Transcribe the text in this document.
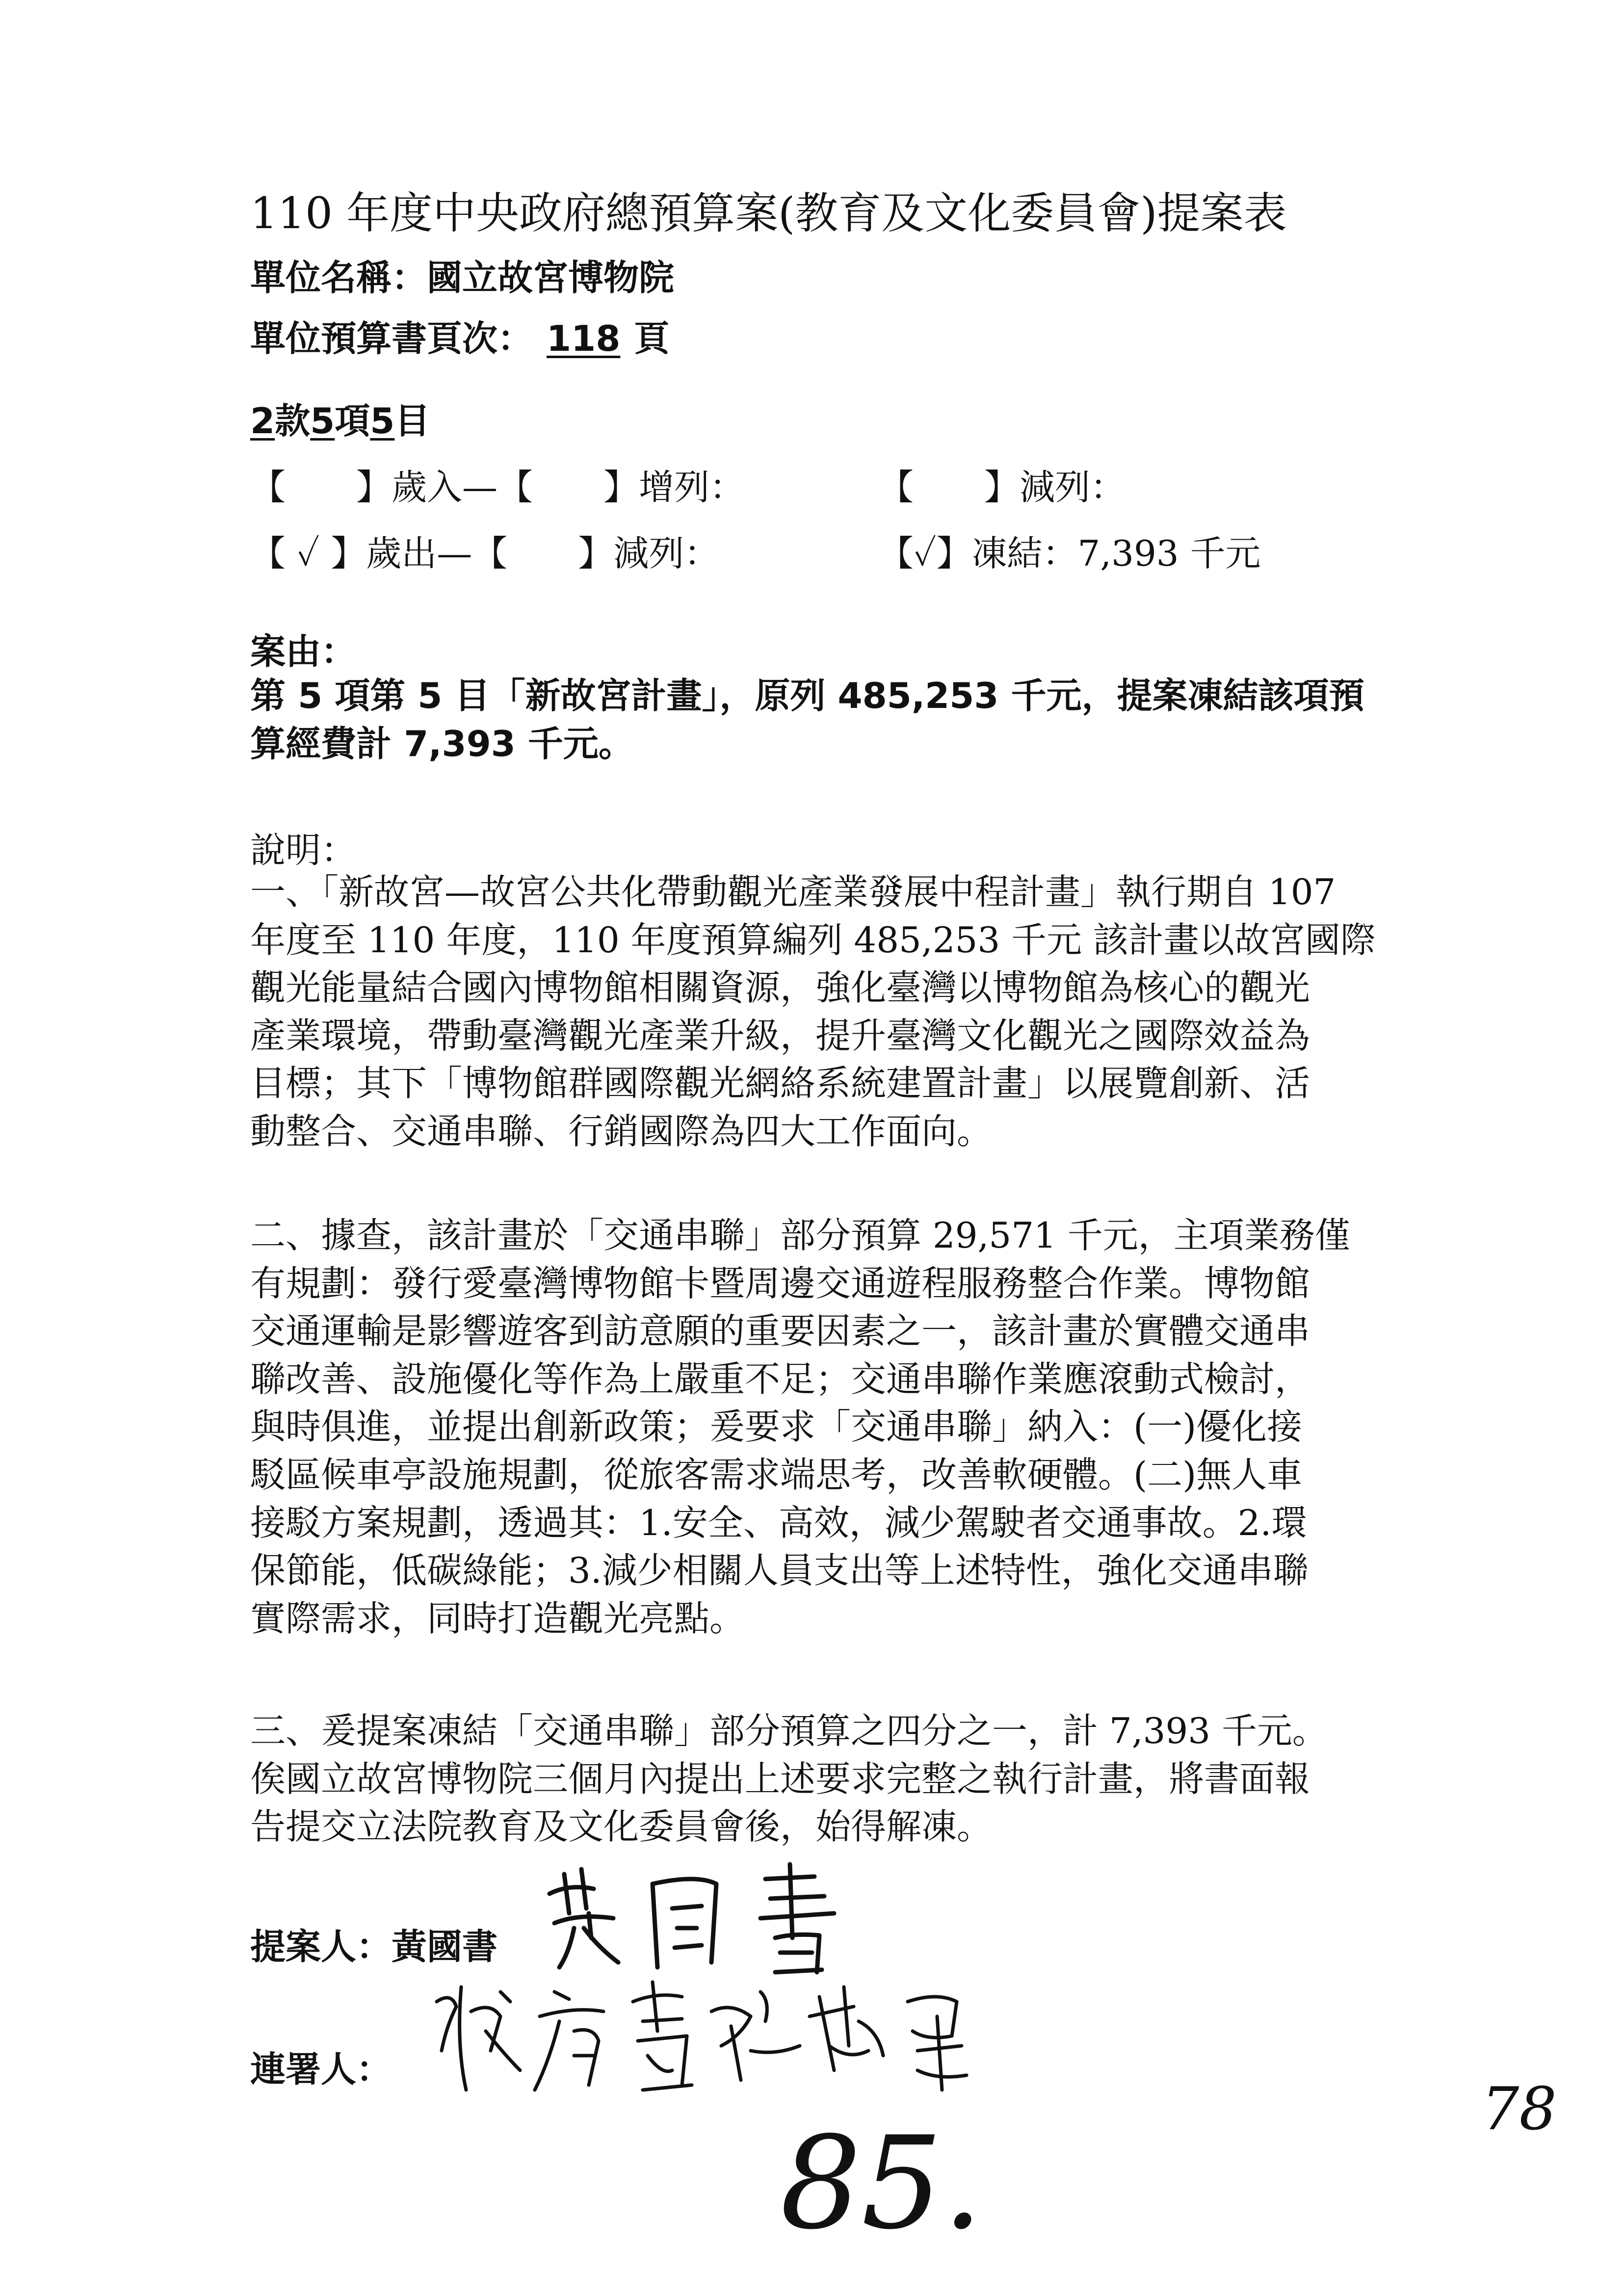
110 年度中央政府總預算案(教育及文化委員會)提案表
單位名稱：國立故宮博物院
單位預算書頁次： 118 頁
2款5項5目
【　　】歲入—【　　】增列：	【　　】減列：
【 ✓ 】歲出—【　　】減列：	【✓】凍結：7,393 千元
案由：
第 5 項第 5 目「新故宮計畫」，原列 485,253 千元，提案凍結該項預
算經費計 7,393 千元。
說明：
一、「新故宮—故宮公共化帶動觀光產業發展中程計畫」執行期自 107
年度至 110 年度，110 年度預算編列 485,253 千元 該計畫以故宮國際
觀光能量結合國內博物館相關資源，強化臺灣以博物館為核心的觀光
產業環境，帶動臺灣觀光產業升級，提升臺灣文化觀光之國際效益為
目標；其下「博物館群國際觀光網絡系統建置計畫」以展覽創新、活
動整合、交通串聯、行銷國際為四大工作面向。
二、據查，該計畫於「交通串聯」部分預算 29,571 千元，主項業務僅
有規劃：發行愛臺灣博物館卡暨周邊交通遊程服務整合作業。博物館
交通運輸是影響遊客到訪意願的重要因素之一，該計畫於實體交通串
聯改善、設施優化等作為上嚴重不足；交通串聯作業應滾動式檢討，
與時俱進，並提出創新政策；爰要求「交通串聯」納入：(一)優化接
駁區候車亭設施規劃，從旅客需求端思考，改善軟硬體。(二)無人車
接駁方案規劃，透過其：1.安全、高效，減少駕駛者交通事故。2.環
保節能，低碳綠能；3.減少相關人員支出等上述特性，強化交通串聯
實際需求，同時打造觀光亮點。
三、爰提案凍結「交通串聯」部分預算之四分之一，計 7,393 千元。
俟國立故宮博物院三個月內提出上述要求完整之執行計畫，將書面報
告提交立法院教育及文化委員會後，始得解凍。
提案人：黃國書
連署人：
85.
78
